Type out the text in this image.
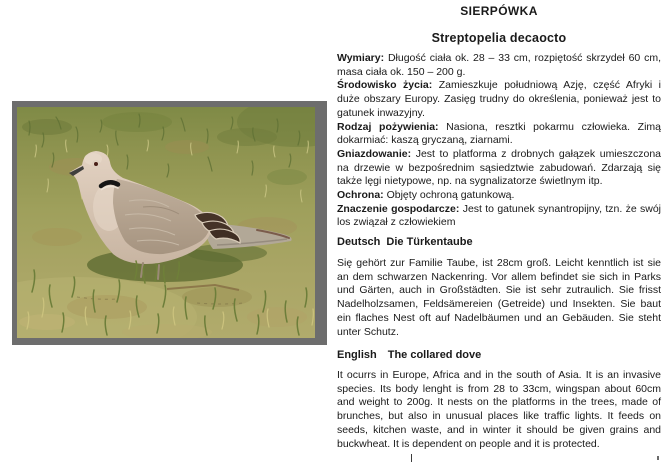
SIERPÓWKA
Streptopelia decaocto
Wymiary: Długość ciała ok. 28 – 33 cm, rozpiętość skrzydeł 60 cm, masa ciała ok. 150 – 200 g.
Środowisko życia: Zamieszkuje południową Azję, część Afryki i duże obszary Europy. Zasięg trudny do określenia, ponieważ jest to gatunek inwazyjny.
Rodzaj pożywienia: Nasiona, resztki pokarmu człowieka. Zimą dokarmiać: kaszą gryczaną, ziarnami.
Gniazdowanie: Jest to platforma z drobnych gałązek umieszczona na drzewie w bezpośrednim sąsiedztwie zabudowań. Zdarzają się także lęgi nietypowe, np. na sygnalizatorze świetlnym itp.
Ochrona: Objęty ochroną gatunkową.
Znaczenie gospodarcze: Jest to gatunek synantropijny, tzn. że swój los związał z człowiekiem
Deutsch Die Türkentaube
Się gehört zur Familie Taube, ist 28cm groß. Leicht kenntlich ist sie an dem schwarzen Nackenring. Vor allem befindet sie sich in Parks und Gärten, auch in Großstädten. Sie ist sehr zutraulich. Sie frisst Nadelholzsamen, Feldsämereien (Getreide) und Insekten. Sie baut ein flaches Nest oft auf Nadelbäumen und an Gebäuden. Sie steht unter Schutz.
English The collared dove
It ocurrs in Europe, Africa and in the south of Asia. It is an invasive species. Its body lenght is from 28 to 33cm, wingspan about 60cm and weight to 200g. It nests on the platforms in the trees, made of brunches, but also in unusual places like traffic lights. It feeds on seeds, kitchen waste, and in winter it should be given grains and buckwheat. It is dependent on people and it is protected.
